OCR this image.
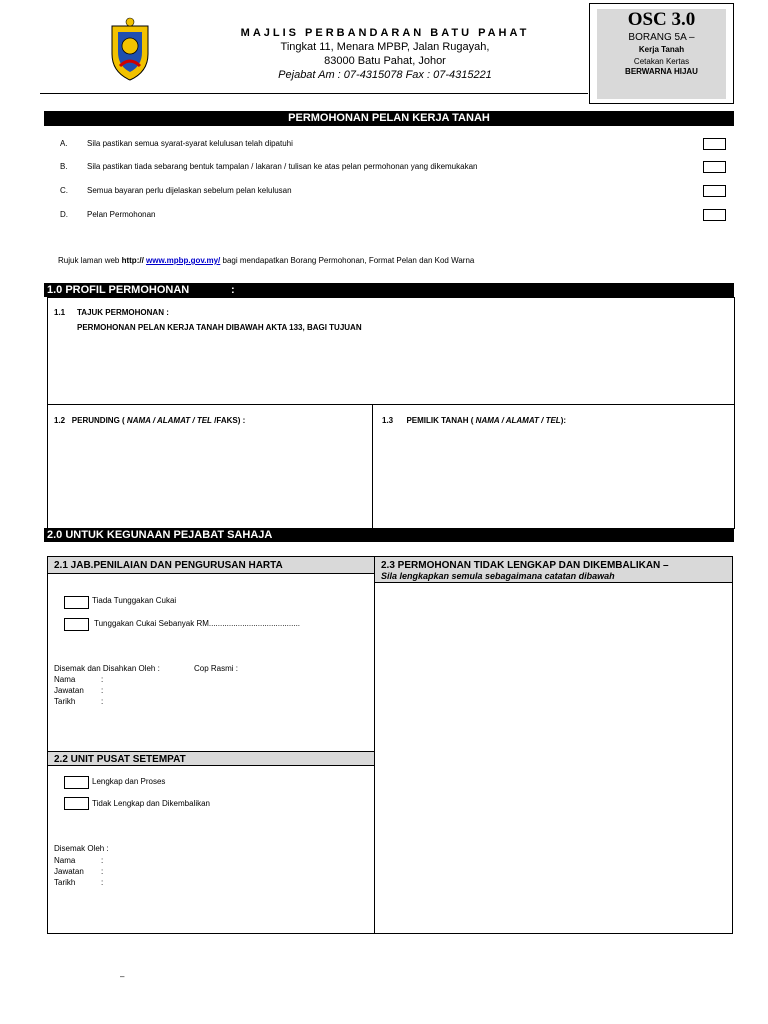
MAJLIS PERBANDARAN BATU PAHAT
Tingkat 11, Menara MPBP, Jalan Rugayah,
83000 Batu Pahat, Johor
Pejabat Am : 07-4315078 Fax : 07-4315221
OSC 3.0
BORANG 5A –
Kerja Tanah
Cetakan Kertas
BERWARNA HIJAU
PERMOHONAN PELAN KERJA TANAH
A. Sila pastikan semua syarat-syarat kelulusan telah dipatuhi
B. Sila pastikan tiada sebarang bentuk tampalan / lakaran / tulisan ke atas pelan permohonan yang dikemukakan
C. Semua bayaran perlu dijelaskan sebelum pelan kelulusan
D. Pelan Permohonan
Rujuk laman web http:// www.mpbp.gov.my/ bagi mendapatkan Borang Permohonan, Format Pelan dan Kod Warna
1.0 PROFIL PERMOHONAN	:
1.1 TAJUK PERMOHONAN :
PERMOHONAN PELAN KERJA TANAH DIBAWAH AKTA 133, BAGI TUJUAN
1.2 PERUNDING ( NAMA / ALAMAT / TEL /FAKS) :	1.3 PEMILIK TANAH ( NAMA / ALAMAT / TEL):
2.0 UNTUK KEGUNAAN PEJABAT SAHAJA
2.1 JAB.PENILAIAN DAN PENGURUSAN HARTA
Tiada Tunggakan Cukai
Tunggakan Cukai Sebanyak RM.........................................
Disemak dan Disahkan Oleh :	Cop Rasmi :
Nama	:
Jawatan :
Tarikh	:
2.2 UNIT PUSAT SETEMPAT
Lengkap dan Proses
Tidak Lengkap dan Dikembalikan
Disemak Oleh :
Nama	:
Jawatan :
Tarikh	:
2.3 PERMOHONAN TIDAK LENGKAP DAN DIKEMBALIKAN –
Sila lengkapkan semula sebagaimana catatan dibawah
–
